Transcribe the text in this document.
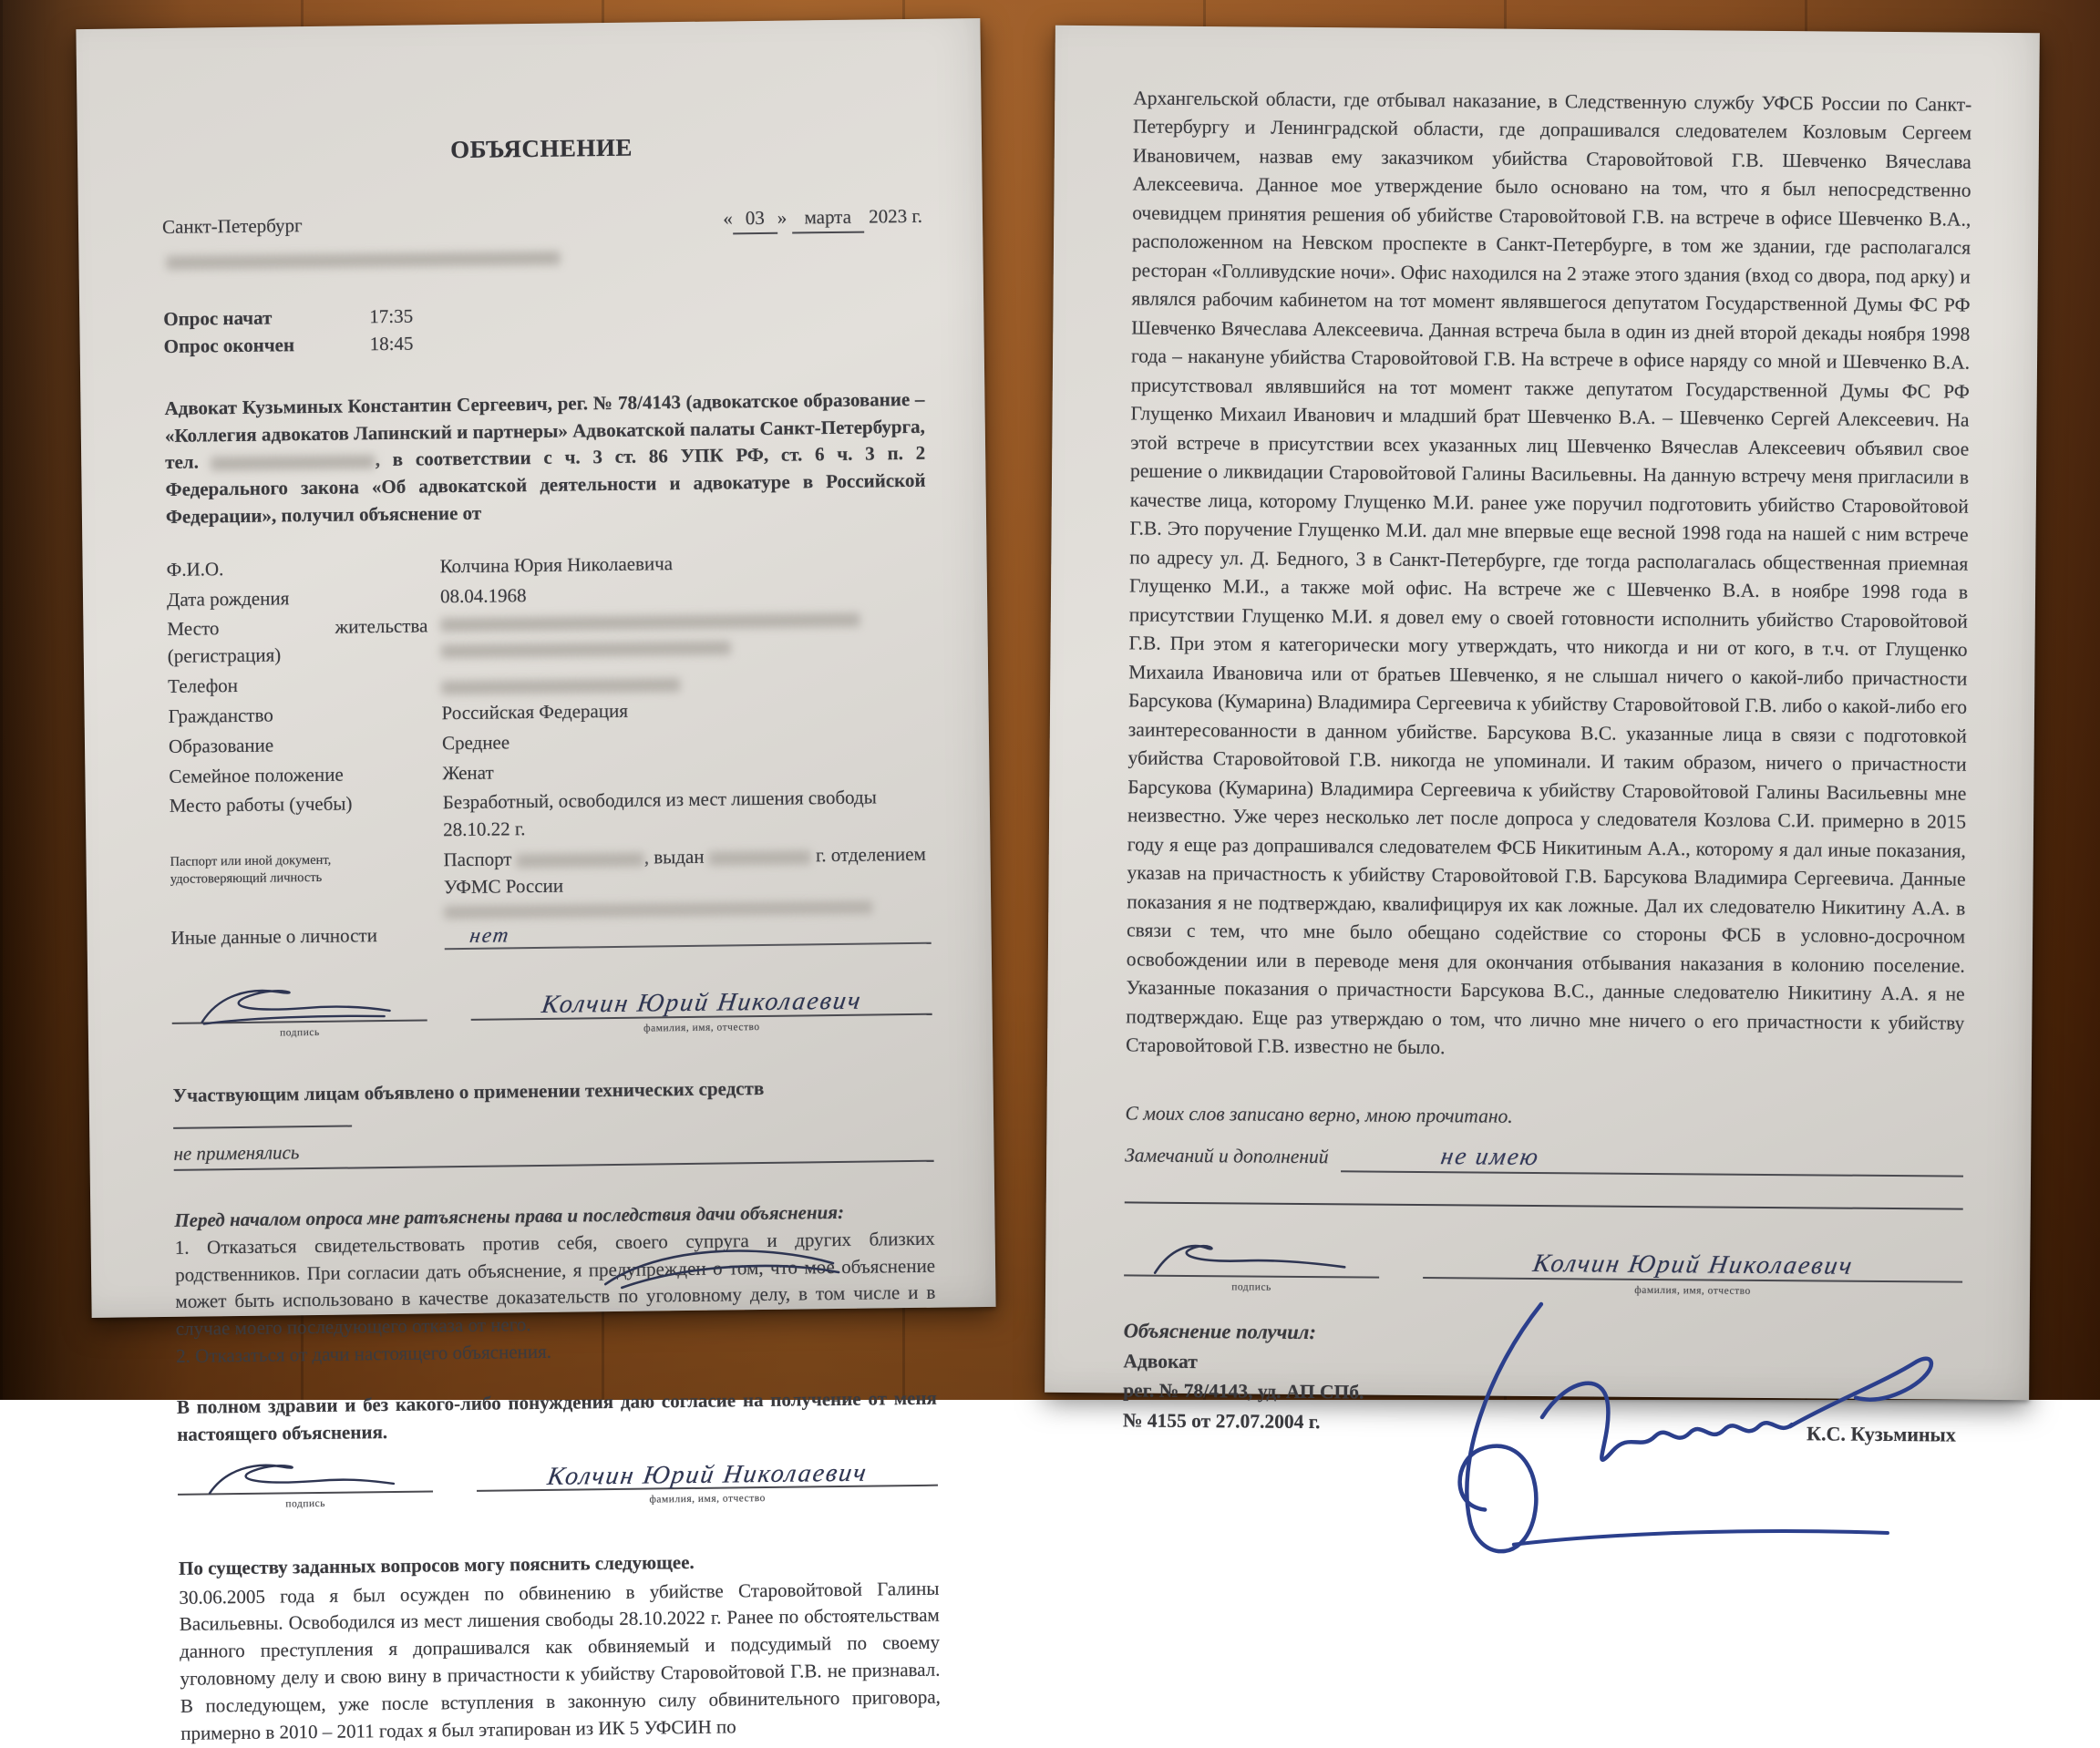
ОБЪЯСНЕНИЕ
Санкт-Петербург	« 03 » марта 2023 г.
Опрос начат	17:35
Опрос окончен	18:45

Адвокат Кузьминых Константин Сергеевич, рег. № 78/4143 (адвокатское образование – «Коллегия адвокатов Лапинский и партнеры» Адвокатской палаты Санкт-Петербурга, тел.	, в соответствии с ч. 3 ст. 86 УПК РФ, ст. 6 ч. 3 п. 2 Федерального закона «Об адвокатской деятельности и адвокатуре в Российской Федерации», получил объяснение от

Ф.И.О.	Колчина Юрия Николаевича
Дата рождения	08.04.1968
Место	жительства
(регистрация)
Телефон
Гражданство	Российская Федерация
Образование	Среднее
Семейное положение	Женат
Место работы (учебы)	Безработный, освободился из мест лишения свободы 28.10.22 г.
Паспорт или иной документ,
удостоверяющий личность
Паспорт	, выдан	г. отделением УФМС России
Иные данные о личности	нет
подпись
Колчин Юрий Николаевич
фамилия, имя, отчество
Участвующим лицам объявлено о применении технических средств
не применялись
Перед началом опроса мне ратъяснены права и последствия дачи объяснения:

1. Отказаться свидетельствовать против себя, своего супруга и других близких родственников. При согласии дать объяснение, я предупрежден о том, что мое объяснение может быть использовано в качестве доказательств по уголовному делу, в том числе и в случае моего последующего отказа от него.

2. Отказаться от дачи настоящего объяснения.

В полном здравии и без какого-либо понуждения даю согласие на получение от меня настоящего объяснения.

подпись
Колчин Юрий Николаевич
фамилия, имя, отчество
По существу заданных вопросов могу пояснить следующее.

30.06.2005 года я был осужден по обвинению в убийстве Старовойтовой Галины Васильевны. Освободился из мест лишения свободы 28.10.2022 г. Ранее по обстоятельствам данного преступления я допрашивался как обвиняемый и подсудимый по своему уголовному делу и свою вину в причастности к убийству Старовойтовой Г.В. не признавал. В последующем, уже после вступления в законную силу обвинительного приговора, примерно в 2010 – 2011 годах я был этапирован из ИК 5 УФСИН по

Архангельской области, где отбывал наказание, в Следственную службу УФСБ России по Санкт-Петербургу и Ленинградской области, где допрашивался следователем Козловым Сергеем Ивановичем, назвав ему заказчиком убийства Старовойтовой Г.В. Шевченко Вячеслава Алексеевича. Данное мое утверждение было основано на том, что я был непосредственно очевидцем принятия решения об убийстве Старовойтовой Г.В. на встрече в офисе Шевченко В.А., расположенном на Невском проспекте в Санкт-Петербурге, в том же здании, где располагался ресторан «Голливудские ночи». Офис находился на 2 этаже этого здания (вход со двора, под арку) и являлся рабочим кабинетом на тот момент являвшегося депутатом Государственной Думы ФС РФ Шевченко Вячеслава Алексеевича. Данная встреча была в один из дней второй декады ноября 1998 года – накануне убийства Старовойтовой Г.В. На встрече в офисе наряду со мной и Шевченко В.А. присутствовал являвшийся на тот момент также депутатом Государственной Думы ФС РФ Глущенко Михаил Иванович и младший брат Шевченко В.А. – Шевченко Сергей Алексеевич. На этой встрече в присутствии всех указанных лиц Шевченко Вячеслав Алексеевич объявил свое решение о ликвидации Старовойтовой Галины Васильевны. На данную встречу меня пригласили в качестве лица, которому Глущенко М.И. ранее уже поручил подготовить убийство Старовойтовой Г.В. Это поручение Глущенко М.И. дал мне впервые еще весной 1998 года на нашей с ним встрече по адресу ул. Д. Бедного, 3 в Санкт-Петербурге, где тогда располагалась общественная приемная Глущенко М.И., а также мой офис. На встрече же с Шевченко В.А. в ноябре 1998 года в присутствии Глущенко М.И. я довел ему о своей готовности исполнить убийство Старовойтовой Г.В. При этом я категорически могу утверждать, что никогда и ни от кого, в т.ч. от Глущенко Михаила Ивановича или от братьев Шевченко, я не слышал ничего о какой-либо причастности Барсукова (Кумарина) Владимира Сергеевича к убийству Старовойтовой Г.В. либо о какой-либо его заинтересованности в данном убийстве. Барсукова В.С. указанные лица в связи с подготовкой убийства Старовойтовой Г.В. никогда не упоминали. И таким образом, ничего о причастности Барсукова (Кумарина) Владимира Сергеевича к убийству Старовойтовой Галины Васильевны мне неизвестно. Уже через несколько лет после допроса у следователя Козлова С.И. примерно в 2015 году я еще раз допрашивался следователем ФСБ Никитиным А.А., которому я дал иные показания, указав на причастность к убийству Старовойтовой Г.В. Барсукова Владимира Сергеевича. Данные показания я не подтверждаю, квалифицируя их как ложные. Дал их следователю Никитину А.А. в связи с тем, что мне было обещано содействие со стороны ФСБ в условно-досрочном освобождении или в переводе меня для окончания отбывания наказания в колонию поселение. Указанные показания о причастности Барсукова В.С., данные следователю Никитину А.А. я не подтверждаю. Еще раз утверждаю о том, что лично мне ничего о его причастности к убийству Старовойтовой Г.В. известно не было.

С моих слов записано верно, мною прочитано.
Замечаний и дополнений	не имею
подпись
Колчин Юрий Николаевич
фамилия, имя, отчество
Объяснение получил:
Адвокат
рег. № 78/4143, уд. АП СПб.
№ 4155 от 27.07.2004 г.
К.С. Кузьминых
